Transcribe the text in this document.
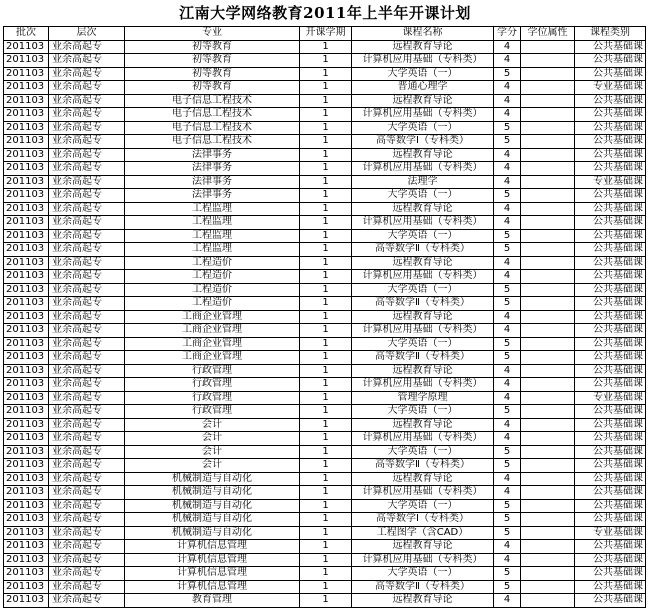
江南大学网络教育2011年上半年开课计划
批次	层次	专业	开课学期	课程名称	学分	学位属性	课程类别
201103	业余高起专	初等教育	1	远程教育导论	4		公共基础课
201103	业余高起专	初等教育	1	计算机应用基础（专科类）	4		公共基础课
201103	业余高起专	初等教育	1	大学英语（一）	5		公共基础课
201103	业余高起专	初等教育	1	普通心理学	4		专业基础课
201103	业余高起专	电子信息工程技术	1	远程教育导论	4		公共基础课
201103	业余高起专	电子信息工程技术	1	计算机应用基础（专科类）	4		公共基础课
201103	业余高起专	电子信息工程技术	1	大学英语（一）	5		公共基础课
201103	业余高起专	电子信息工程技术	1	高等数学Ⅰ（专科类）	5		公共基础课
201103	业余高起专	法律事务	1	远程教育导论	4		公共基础课
201103	业余高起专	法律事务	1	计算机应用基础（专科类）	4		公共基础课
201103	业余高起专	法律事务	1	法理学	4		专业基础课
201103	业余高起专	法律事务	1	大学英语（一）	5		公共基础课
201103	业余高起专	工程监理	1	远程教育导论	4		公共基础课
201103	业余高起专	工程监理	1	计算机应用基础（专科类）	4		公共基础课
201103	业余高起专	工程监理	1	大学英语（一）	5		公共基础课
201103	业余高起专	工程监理	1	高等数学Ⅱ（专科类）	5		公共基础课
201103	业余高起专	工程造价	1	远程教育导论	4		公共基础课
201103	业余高起专	工程造价	1	计算机应用基础（专科类）	4		公共基础课
201103	业余高起专	工程造价	1	大学英语（一）	5		公共基础课
201103	业余高起专	工程造价	1	高等数学Ⅱ（专科类）	5		公共基础课
201103	业余高起专	工商企业管理	1	远程教育导论	4		公共基础课
201103	业余高起专	工商企业管理	1	计算机应用基础（专科类）	4		公共基础课
201103	业余高起专	工商企业管理	1	大学英语（一）	5		公共基础课
201103	业余高起专	工商企业管理	1	高等数学Ⅱ（专科类）	5		公共基础课
201103	业余高起专	行政管理	1	远程教育导论	4		公共基础课
201103	业余高起专	行政管理	1	计算机应用基础（专科类）	4		公共基础课
201103	业余高起专	行政管理	1	管理学原理	4		专业基础课
201103	业余高起专	行政管理	1	大学英语（一）	5		公共基础课
201103	业余高起专	会计	1	远程教育导论	4		公共基础课
201103	业余高起专	会计	1	计算机应用基础（专科类）	4		公共基础课
201103	业余高起专	会计	1	大学英语（一）	5		公共基础课
201103	业余高起专	会计	1	高等数学Ⅱ（专科类）	5		公共基础课
201103	业余高起专	机械制造与自动化	1	远程教育导论	4		公共基础课
201103	业余高起专	机械制造与自动化	1	计算机应用基础（专科类）	4		公共基础课
201103	业余高起专	机械制造与自动化	1	大学英语（一）	5		公共基础课
201103	业余高起专	机械制造与自动化	1	高等数学Ⅰ（专科类）	5		公共基础课
201103	业余高起专	机械制造与自动化	1	工程图学（含CAD）	5		专业基础课
201103	业余高起专	计算机信息管理	1	远程教育导论	4		公共基础课
201103	业余高起专	计算机信息管理	1	计算机应用基础（专科类）	4		公共基础课
201103	业余高起专	计算机信息管理	1	大学英语（一）	5		公共基础课
201103	业余高起专	计算机信息管理	1	高等数学Ⅱ（专科类）	5		公共基础课
201103	业余高起专	教育管理	1	远程教育导论	4		公共基础课
